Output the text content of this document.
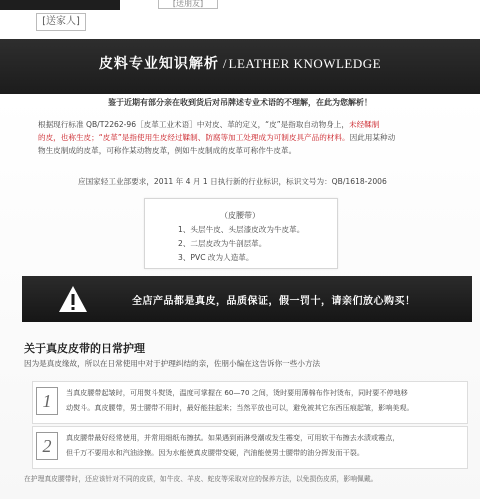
[送家人]
[送朋友]
皮料专业知识解析 / LEATHER KNOWLEDGE
鉴于近期有部分亲在收到货后对吊牌述专业术语的不理解，在此为您解析！
根据现行标准 QB/T2262-96［皮革工业术语］中对皮、革的定义，“皮”是指取自动物身上，未经鞣制
的皮，也称生皮；“皮革”是指使用生皮经过鞣制、防腐等加工处理成为可制皮具产品的材料。因此用某种动
物生皮制成的皮革，可称作某动物皮革，例如牛皮制成的皮革可称作牛皮革。
应国家轻工业部要求，2011 年 4 月 1 日执行新的行业标识，标识文号为：QB/1618-2006
（皮腰带）
1、头层牛皮、头层漆皮改为牛皮革。
2、二层皮改为牛剖层革。
3、PVC 改为人造革。
全店产品都是真皮，品质保证，假一罚十，请亲们放心购买！
关于真皮皮带的日常护理
因为是真皮缘故，所以在日常使用中对于护理纠结的亲，佐朋小编在这告诉你一些小方法
1	当真皮腰带起皱时，可用熨斗熨烫，温度可掌握在 60—70 之间，烫时要用薄棉布作衬烫布，同时要不停地移
动熨斗。真皮腰带，男士腰带不用时，最好能挂起来；当然平放也可以，避免被其它东西压痕起皱，影响美观。
2	真皮腰带最好经常使用，并常用细纸布擦拭。如果遇到雨淋受潮或发生霉变，可用软干布擦去水渍或霉点，
但千万不要用水和汽油涂擦。因为水能使真皮腰带变硬，汽油能使男士腰带的油分挥发而干裂。
在护理真皮腰带时，还应该针对不同的皮质，如牛皮、羊皮、蛇皮等采取对应的保养方法，以免损伤皮质，影响佩戴。
